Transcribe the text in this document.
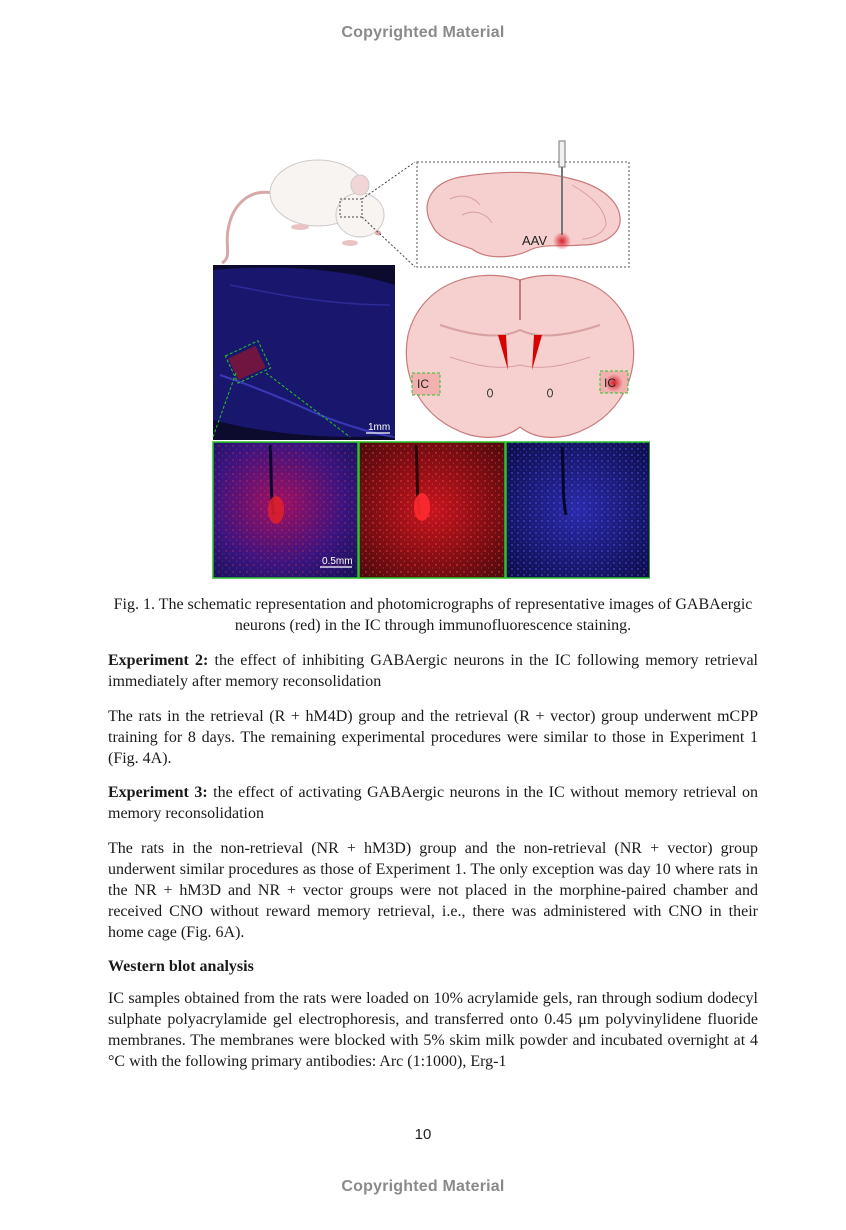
Copyrighted Material
AAV
1mm
IC	IC
0.5mm
Fig. 1. The schematic representation and photomicrographs of representative images of GABAergic neurons (red) in the IC through immunofluorescence staining.

Experiment 2: the effect of inhibiting GABAergic neurons in the IC following memory retrieval immediately after memory reconsolidation

The rats in the retrieval (R + hM4D) group and the retrieval (R + vector) group underwent mCPP training for 8 days. The remaining experimental procedures were similar to those in Experiment 1 (Fig. 4A).

Experiment 3: the effect of activating GABAergic neurons in the IC without memory retrieval on memory reconsolidation

The rats in the non-retrieval (NR + hM3D) group and the non-retrieval (NR + vector) group underwent similar procedures as those of Experiment 1. The only exception was day 10 where rats in the NR + hM3D and NR + vector groups were not placed in the morphine-paired chamber and received CNO without reward memory retrieval, i.e., there was administered with CNO in their home cage (Fig. 6A).

Western blot analysis

IC samples obtained from the rats were loaded on 10% acrylamide gels, ran through sodium dodecyl sulphate polyacrylamide gel electrophoresis, and transferred onto 0.45 μm polyvinylidene fluoride membranes. The membranes were blocked with 5% skim milk powder and incubated overnight at 4 °C with the following primary antibodies: Arc (1:1000), Erg-1

10
Copyrighted Material
